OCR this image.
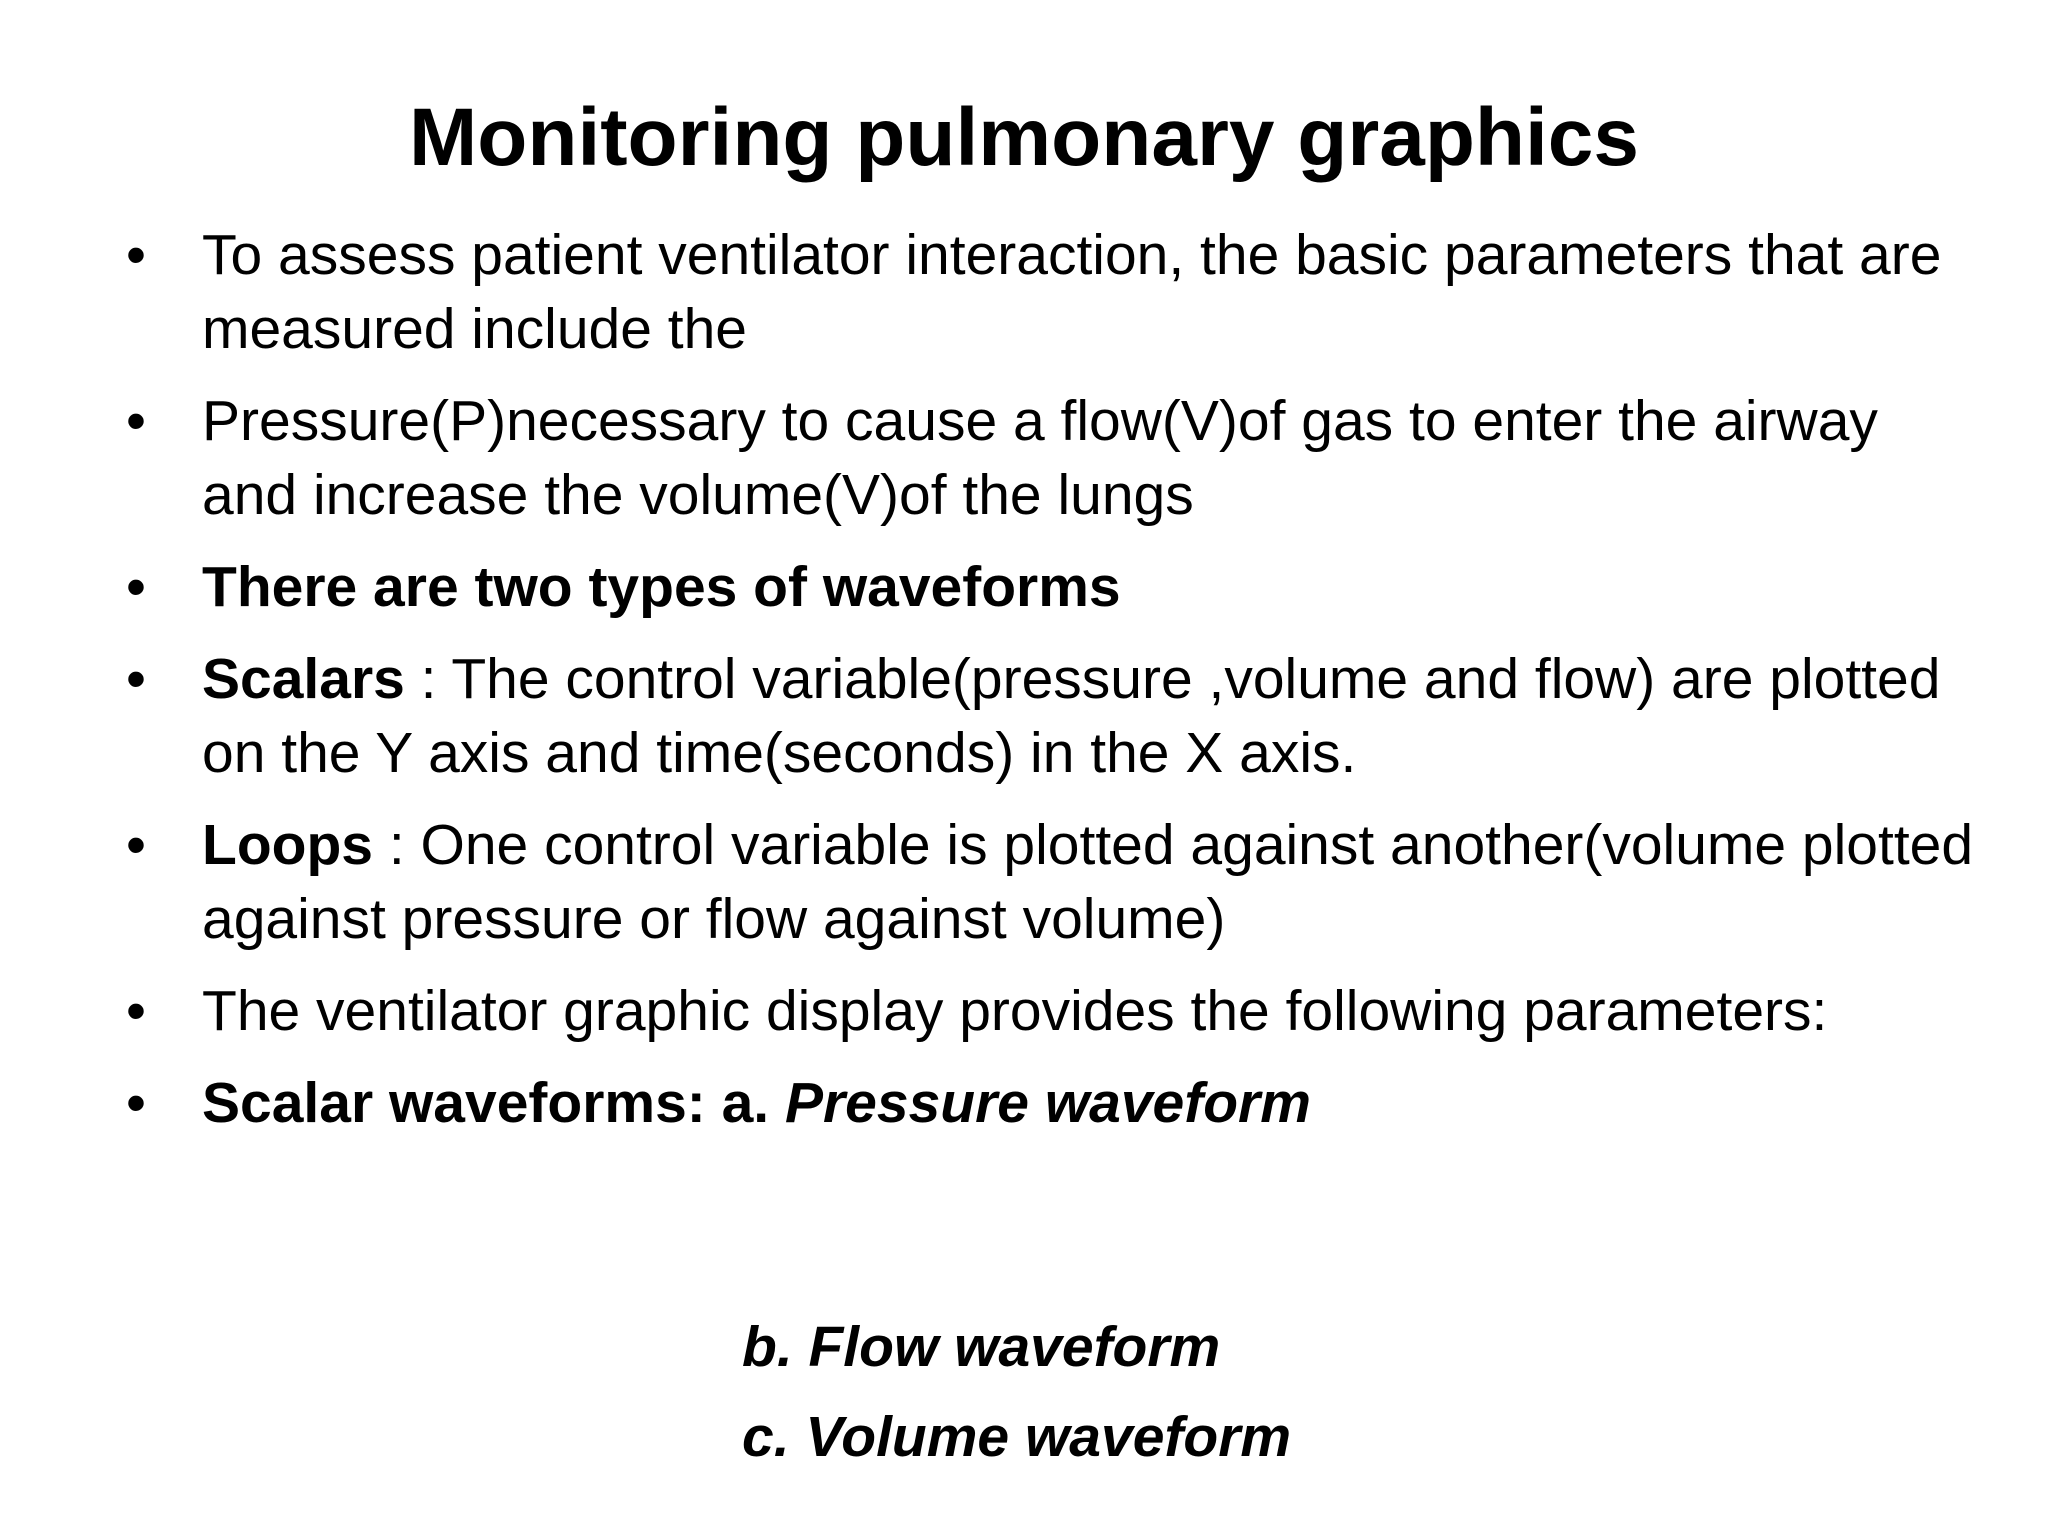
Monitoring pulmonary graphics
• To assess patient ventilator interaction, the basic parameters that are measured include the
• Pressure(P)necessary to cause a flow(V)of gas to enter the airway and increase the volume(V)of the lungs
• There are two types of waveforms
• Scalars : The control variable(pressure ,volume and flow) are plotted on the Y axis and time(seconds) in the X axis.
• Loops : One control variable is plotted against another(volume plotted against pressure or flow against volume)
• The ventilator graphic display provides the following parameters:
• Scalar waveforms: a. Pressure waveform
b. Flow waveform
c. Volume waveform
